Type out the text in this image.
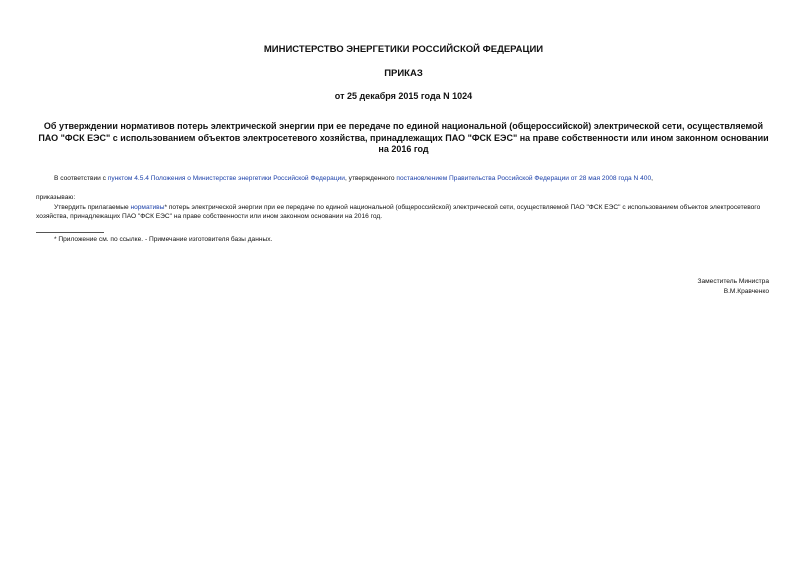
МИНИСТЕРСТВО ЭНЕРГЕТИКИ РОССИЙСКОЙ ФЕДЕРАЦИИ
ПРИКАЗ
от 25 декабря 2015 года N 1024
Об утверждении нормативов потерь электрической энергии при ее передаче по единой национальной (общероссийской) электрической сети, осуществляемой ПАО "ФСК ЕЭС" с использованием объектов электросетевого хозяйства, принадлежащих ПАО "ФСК ЕЭС" на праве собственности или ином законном основании на 2016 год
В соответствии с пунктом 4.5.4 Положения о Министерстве энергетики Российской Федерации, утвержденного постановлением Правительства Российской Федерации от 28 мая 2008 года N 400,
приказываю:
Утвердить прилагаемые нормативы* потерь электрической энергии при ее передаче по единой национальной (общероссийской) электрической сети, осуществляемой ПАО "ФСК ЕЭС" с использованием объектов электросетевого хозяйства, принадлежащих ПАО "ФСК ЕЭС" на праве собственности или ином законном основании на 2016 год.
* Приложение см. по ссылке. - Примечание изготовителя базы данных.
Заместитель Министра
В.М.Кравченко
